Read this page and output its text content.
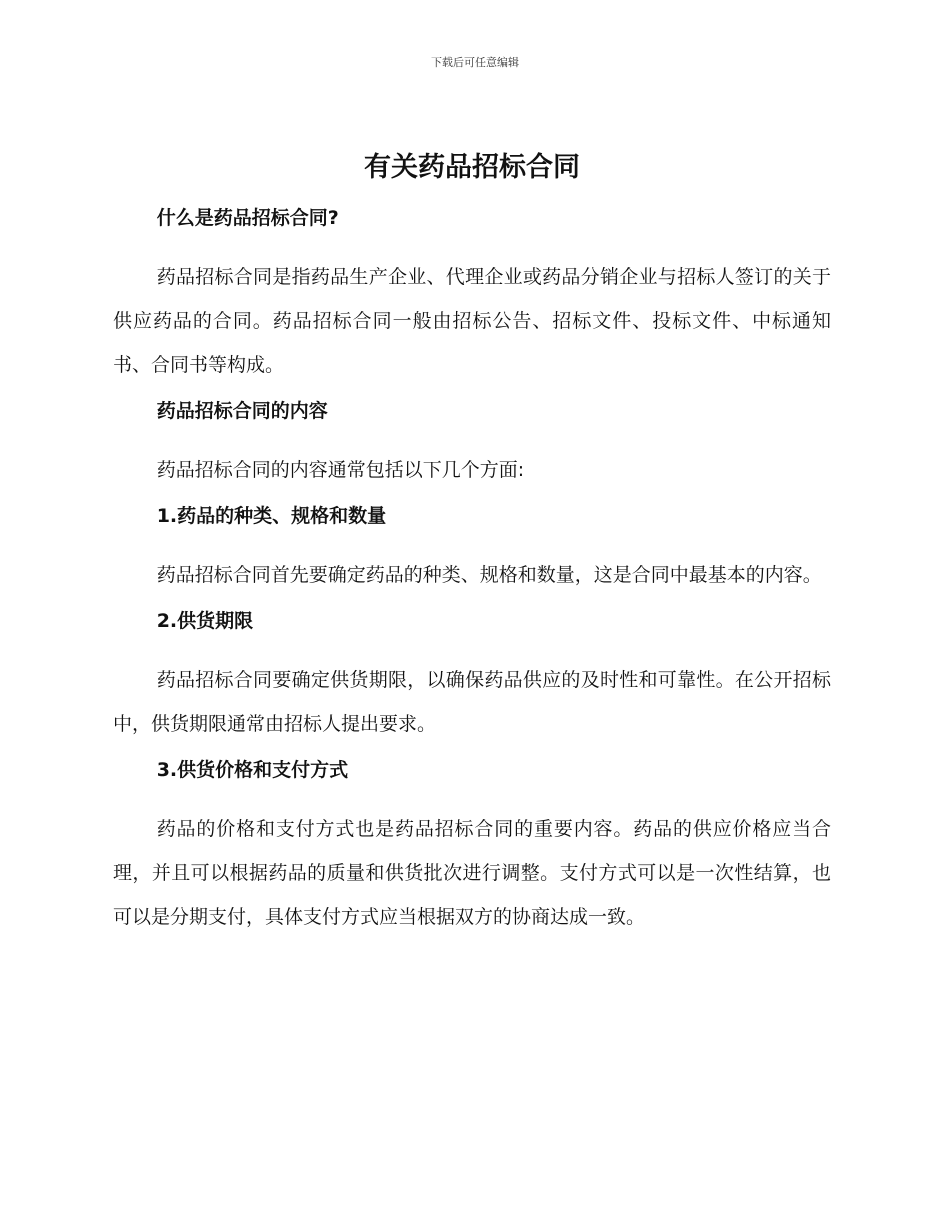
下载后可任意编辑
有关药品招标合同
什么是药品招标合同?

药品招标合同是指药品生产企业、代理企业或药品分销企业与招标人签订的关于供应药品的合同。药品招标合同一般由招标公告、招标文件、投标文件、中标通知书、合同书等构成。

药品招标合同的内容

药品招标合同的内容通常包括以下几个方面:

1.药品的种类、规格和数量

药品招标合同首先要确定药品的种类、规格和数量，这是合同中最基本的内容。

2.供货期限

药品招标合同要确定供货期限，以确保药品供应的及时性和可靠性。在公开招标中，供货期限通常由招标人提出要求。

3.供货价格和支付方式

药品的价格和支付方式也是药品招标合同的重要内容。药品的供应价格应当合理，并且可以根据药品的质量和供货批次进行调整。支付方式可以是一次性结算，也可以是分期支付，具体支付方式应当根据双方的协商达成一致。
